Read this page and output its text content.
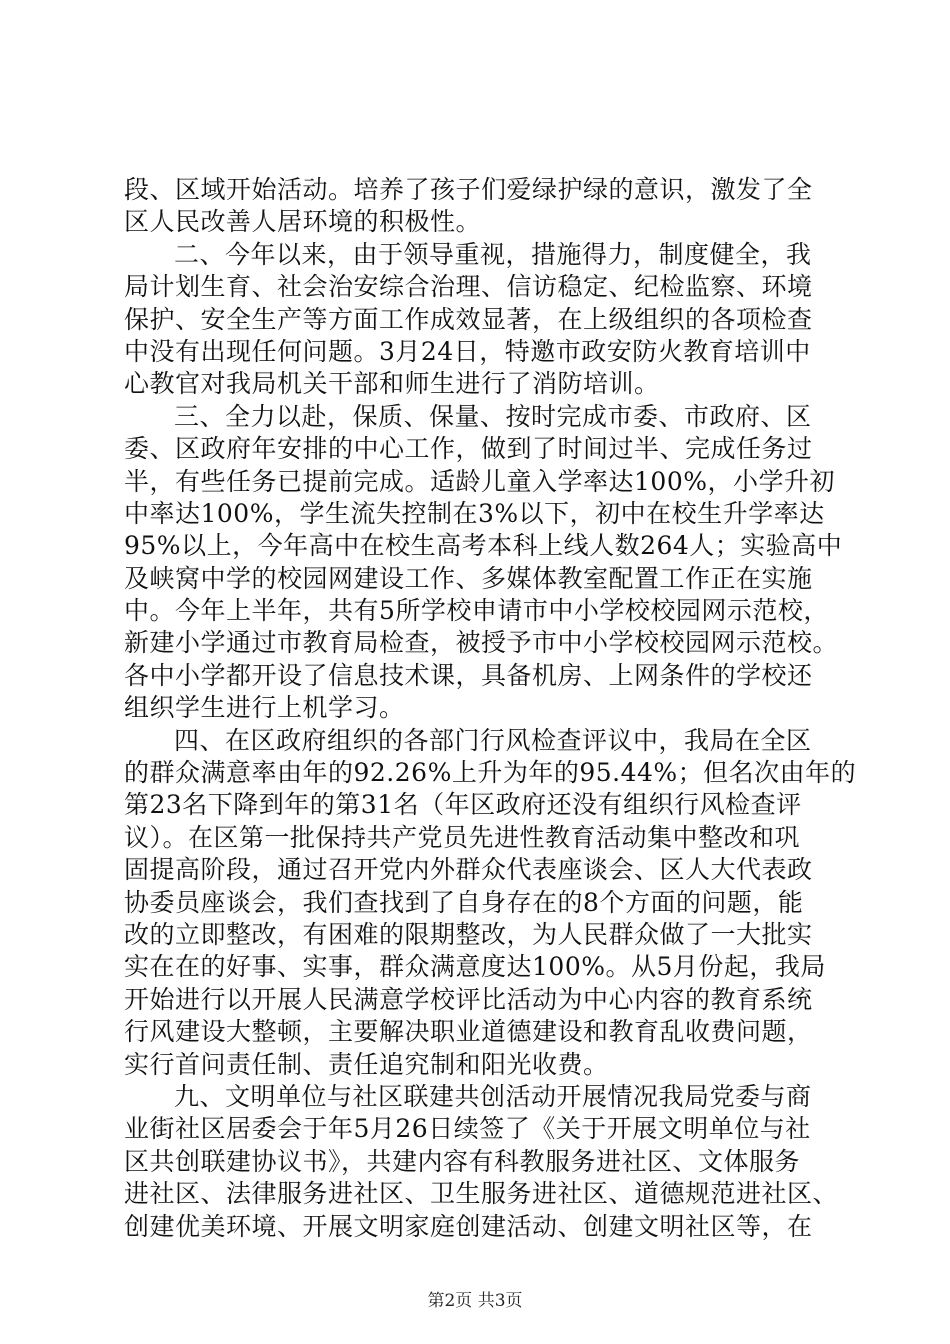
段、区域开始活动。培养了孩子们爱绿护绿的意识，激发了全
区人民改善人居环境的积极性。
二、今年以来，由于领导重视，措施得力，制度健全，我
局计划生育、社会治安综合治理、信访稳定、纪检监察、环境
保护、安全生产等方面工作成效显著，在上级组织的各项检查
中没有出现任何问题。3月24日，特邀市政安防火教育培训中
心教官对我局机关干部和师生进行了消防培训。
三、全力以赴，保质、保量、按时完成市委、市政府、区
委、区政府年安排的中心工作，做到了时间过半、完成任务过
半，有些任务已提前完成。适龄儿童入学率达100%，小学升初
中率达100%，学生流失控制在3%以下，初中在校生升学率达
95%以上，今年高中在校生高考本科上线人数264人；实验高中
及峡窝中学的校园网建设工作、多媒体教室配置工作正在实施
中。今年上半年，共有5所学校申请市中小学校校园网示范校，
新建小学通过市教育局检查，被授予市中小学校校园网示范校。
各中小学都开设了信息技术课，具备机房、上网条件的学校还
组织学生进行上机学习。
四、在区政府组织的各部门行风检查评议中，我局在全区
的群众满意率由年的92.26%上升为年的95.44%；但名次由年的
第23名下降到年的第31名（年区政府还没有组织行风检查评
议）。在区第一批保持共产党员先进性教育活动集中整改和巩
固提高阶段，通过召开党内外群众代表座谈会、区人大代表政
协委员座谈会，我们查找到了自身存在的8个方面的问题，能
改的立即整改，有困难的限期整改，为人民群众做了一大批实
实在在的好事、实事，群众满意度达100%。从5月份起，我局
开始进行以开展人民满意学校评比活动为中心内容的教育系统
行风建设大整顿，主要解决职业道德建设和教育乱收费问题，
实行首问责任制、责任追究制和阳光收费。
九、文明单位与社区联建共创活动开展情况我局党委与商
业街社区居委会于年5月26日续签了《关于开展文明单位与社
区共创联建协议书》，共建内容有科教服务进社区、文体服务
进社区、法律服务进社区、卫生服务进社区、道德规范进社区、
创建优美环境、开展文明家庭创建活动、创建文明社区等，在
第2页 共3页
